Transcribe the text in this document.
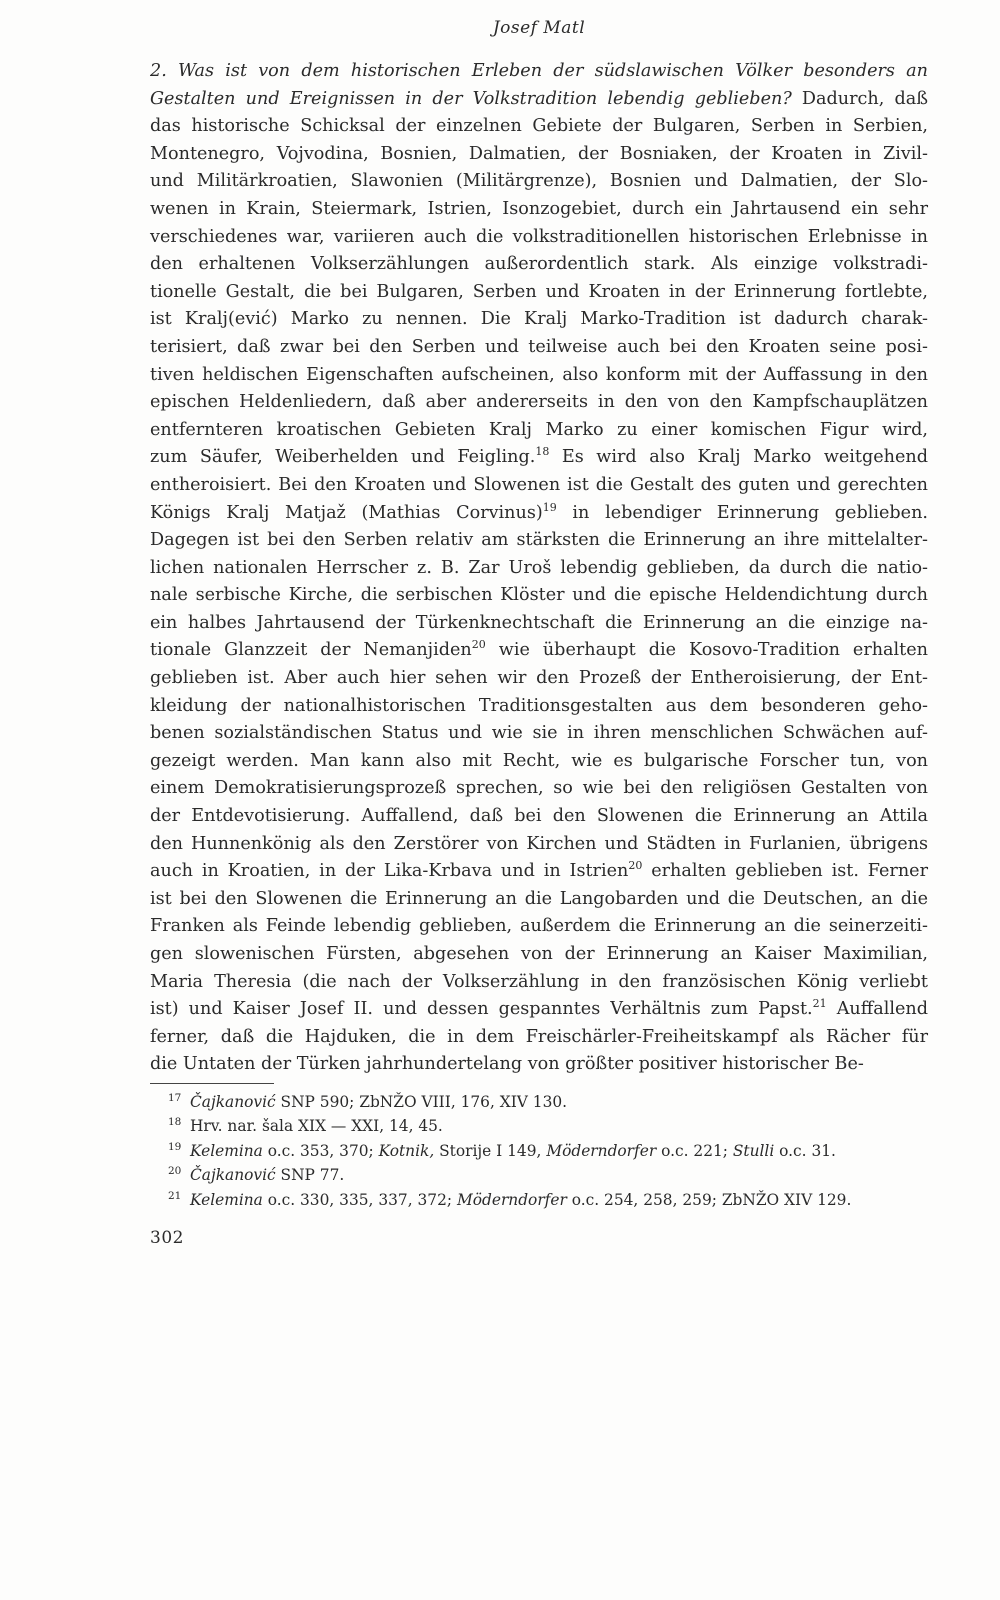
Josef Matl
2. Was ist von dem historischen Erleben der südslawischen Völker besonders an
Gestalten und Ereignissen in der Volkstradition lebendig geblieben? Dadurch, daß
das historische Schicksal der einzelnen Gebiete der Bulgaren, Serben in Serbien,
Montenegro, Vojvodina, Bosnien, Dalmatien, der Bosniaken, der Kroaten in Zivil-
und Militärkroatien, Slawonien (Militärgrenze), Bosnien und Dalmatien, der Slo-
wenen in Krain, Steiermark, Istrien, Isonzogebiet, durch ein Jahrtausend ein sehr
verschiedenes war, variieren auch die volkstraditionellen historischen Erlebnisse in
den erhaltenen Volkserzählungen außerordentlich stark. Als einzige volkstradi-
tionelle Gestalt, die bei Bulgaren, Serben und Kroaten in der Erinnerung fortlebte,
ist Kralj(ević) Marko zu nennen. Die Kralj Marko-Tradition ist dadurch charak-
terisiert, daß zwar bei den Serben und teilweise auch bei den Kroaten seine posi-
tiven heldischen Eigenschaften aufscheinen, also konform mit der Auffassung in den
epischen Heldenliedern, daß aber andererseits in den von den Kampfschauplätzen
entfernteren kroatischen Gebieten Kralj Marko zu einer komischen Figur wird,
zum Säufer, Weiberhelden und Feigling.$^{18}$ Es wird also Kralj Marko weitgehend
entheroisiert. Bei den Kroaten und Slowenen ist die Gestalt des guten und gerechten
Königs Kralj Matjaž (Mathias Corvinus)$^{19}$ in lebendiger Erinnerung geblieben.
Dagegen ist bei den Serben relativ am stärksten die Erinnerung an ihre mittelalter-
lichen nationalen Herrscher z. B. Zar Uroš lebendig geblieben, da durch die natio-
nale serbische Kirche, die serbischen Klöster und die epische Heldendichtung durch
ein halbes Jahrtausend der Türkenknechtschaft die Erinnerung an die einzige na-
tionale Glanzzeit der Nemanjiden$^{20}$ wie überhaupt die Kosovo-Tradition erhalten
geblieben ist. Aber auch hier sehen wir den Prozeß der Entheroisierung, der Ent-
kleidung der nationalhistorischen Traditionsgestalten aus dem besonderen geho-
benen sozialständischen Status und wie sie in ihren menschlichen Schwächen auf-
gezeigt werden. Man kann also mit Recht, wie es bulgarische Forscher tun, von
einem Demokratisierungsprozeß sprechen, so wie bei den religiösen Gestalten von
der Entdevotisierung. Auffallend, daß bei den Slowenen die Erinnerung an Attila
den Hunnenkönig als den Zerstörer von Kirchen und Städten in Furlanien, übrigens
auch in Kroatien, in der Lika-Krbava und in Istrien$^{20}$ erhalten geblieben ist. Ferner
ist bei den Slowenen die Erinnerung an die Langobarden und die Deutschen, an die
Franken als Feinde lebendig geblieben, außerdem die Erinnerung an die seinerzeiti-
gen slowenischen Fürsten, abgesehen von der Erinnerung an Kaiser Maximilian,
Maria Theresia (die nach der Volkserzählung in den französischen König verliebt
ist) und Kaiser Josef II. und dessen gespanntes Verhältnis zum Papst.$^{21}$ Auffallend
ferner, daß die Hajduken, die in dem Freischärler-Freiheitskampf als Rächer für
die Untaten der Türken jahrhundertelang von größter positiver historischer Be-
17 Čajkanović SNP 590; ZbNŽO VIII, 176, XIV 130.
18 Hrv. nar. šala XIX — XXI, 14, 45.
19 Kelemina o.c. 353, 370; Kotnik, Storije I 149, Möderndorfer o.c. 221; Stulli o.c. 31.
20 Čajkanović SNP 77.
21 Kelemina o.c. 330, 335, 337, 372; Möderndorfer o.c. 254, 258, 259; ZbNŽO XIV 129.
302
